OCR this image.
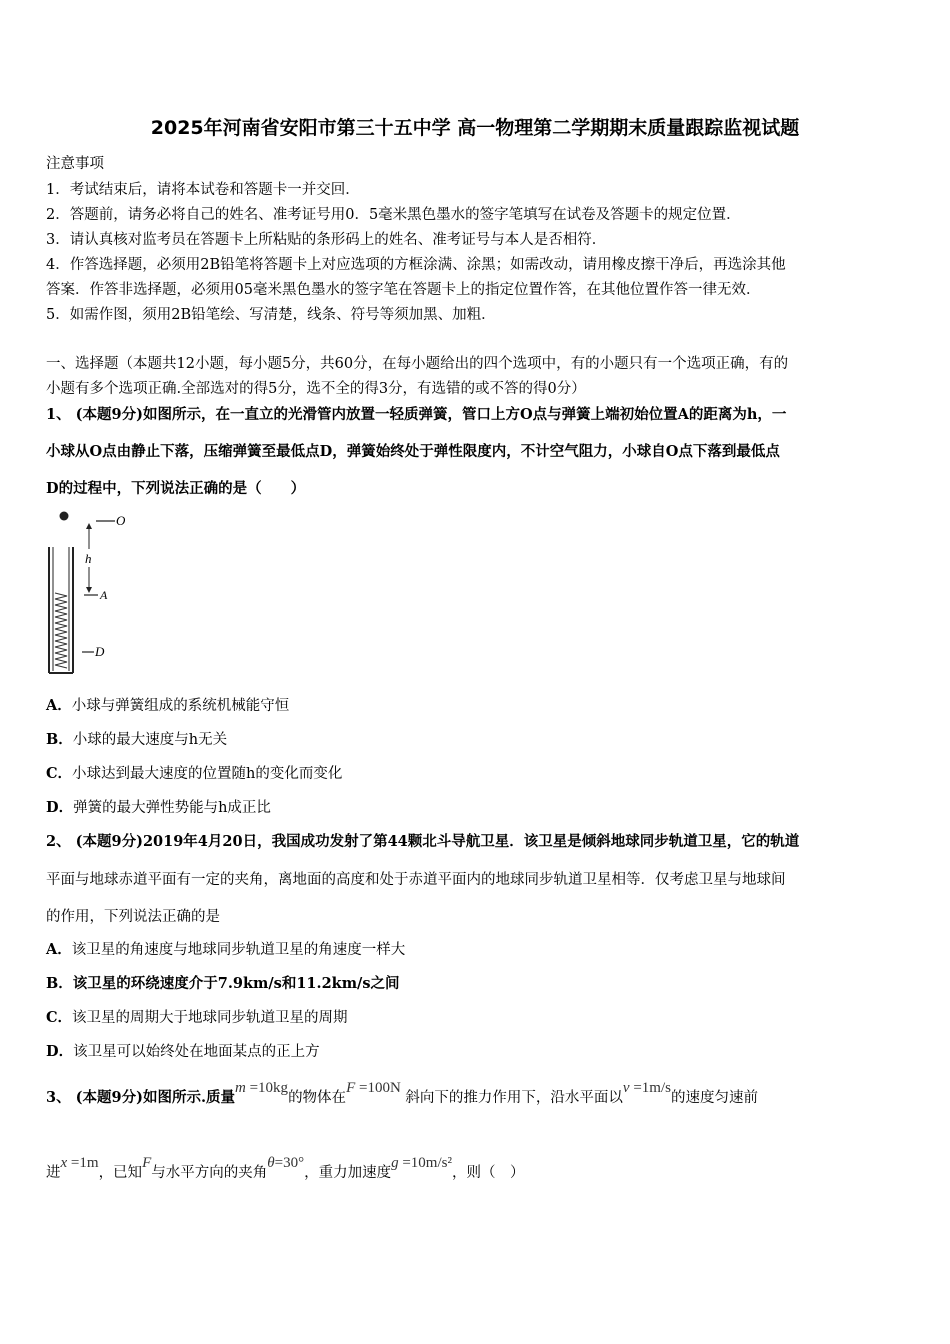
2025年河南省安阳市第三十五中学 高一物理第二学期期末质量跟踪监视试题
注意事项
1．考试结束后，请将本试卷和答题卡一并交回．
2．答题前，请务必将自己的姓名、准考证号用0．5毫米黑色墨水的签字笔填写在试卷及答题卡的规定位置．
3．请认真核对监考员在答题卡上所粘贴的条形码上的姓名、准考证号与本人是否相符．
4．作答选择题，必须用2B铅笔将答题卡上对应选项的方框涂满、涂黑；如需改动，请用橡皮擦干净后，再选涂其他
答案．作答非选择题，必须用05毫米黑色墨水的签字笔在答题卡上的指定位置作答，在其他位置作答一律无效．
5．如需作图，须用2B铅笔绘、写清楚，线条、符号等须加黑、加粗．
一、选择题（本题共12小题，每小题5分，共60分，在每小题给出的四个选项中，有的小题只有一个选项正确，有的
小题有多个选项正确.全部选对的得5分，选不全的得3分，有选错的或不答的得0分）
1、 (本题9分)如图所示，在一直立的光滑管内放置一轻质弹簧，管口上方O点与弹簧上端初始位置A的距离为h，一
小球从O点由静止下落，压缩弹簧至最低点D，弹簧始终处于弹性限度内，不计空气阻力，小球自O点下落到最低点
D的过程中，下列说法正确的是（　　）
O
h
A
D
A．小球与弹簧组成的系统机械能守恒
B．小球的最大速度与h无关
C．小球达到最大速度的位置随h的变化而变化
D．弹簧的最大弹性势能与h成正比
2、 (本题9分)2019年4月20日，我国成功发射了第44颗北斗导航卫星．该卫星是倾斜地球同步轨道卫星，它的轨道
平面与地球赤道平面有一定的夹角，离地面的高度和处于赤道平面内的地球同步轨道卫星相等．仅考虑卫星与地球间
的作用，下列说法正确的是
A．该卫星的角速度与地球同步轨道卫星的角速度一样大
B．该卫星的环绕速度介于7.9km/s和11.2km/s之间
C．该卫星的周期大于地球同步轨道卫星的周期
D．该卫星可以始终处在地面某点的正上方
3、 (本题9分)如图所示.质量m =10kg的物体在F =100N 斜向下的推力作用下，沿水平面以v =1m/s的速度匀速前
进x =1m，已知F与水平方向的夹角θ=30°，重力加速度g =10m/s²，则（　）
